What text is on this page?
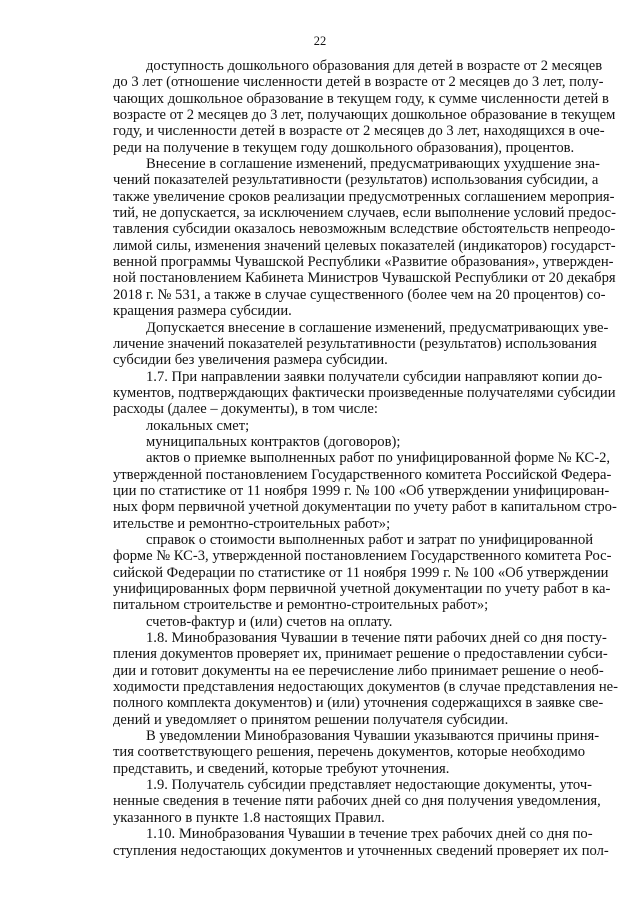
22
доступность дошкольного образования для детей в возрасте от 2 месяцев
до 3 лет (отношение численности детей в возрасте от 2 месяцев до 3 лет, полу-
чающих дошкольное образование в текущем году, к сумме численности детей в
возрасте от 2 месяцев до 3 лет, получающих дошкольное образование в текущем
году, и численности детей в возрасте от 2 месяцев до 3 лет, находящихся в оче-
реди на получение в текущем году дошкольного образования), процентов.
Внесение в соглашение изменений, предусматривающих ухудшение зна-
чений показателей результативности (результатов) использования субсидии, а
также увеличение сроков реализации предусмотренных соглашением мероприя-
тий, не допускается, за исключением случаев, если выполнение условий предос-
тавления субсидии оказалось невозможным вследствие обстоятельств непреодо-
лимой силы, изменения значений целевых показателей (индикаторов) государст-
венной программы Чувашской Республики «Развитие образования», утвержден-
ной постановлением Кабинета Министров Чувашской Республики от 20 декабря
2018 г. № 531, а также в случае существенного (более чем на 20 процентов) со-
кращения размера субсидии.
Допускается внесение в соглашение изменений, предусматривающих уве-
личение значений показателей результативности (результатов) использования
субсидии без увеличения размера субсидии.
1.7. При направлении заявки получатели субсидии направляют копии до-
кументов, подтверждающих фактически произведенные получателями субсидии
расходы (далее – документы), в том числе:
локальных смет;
муниципальных контрактов (договоров);
актов о приемке выполненных работ по унифицированной форме № КС-2,
утвержденной постановлением Государственного комитета Российской Федера-
ции по статистике от 11 ноября 1999 г. № 100 «Об утверждении унифицирован-
ных форм первичной учетной документации по учету работ в капитальном стро-
ительстве и ремонтно-строительных работ»;
справок о стоимости выполненных работ и затрат по унифицированной
форме № КС-3, утвержденной постановлением Государственного комитета Рос-
сийской Федерации по статистике от 11 ноября 1999 г. № 100 «Об утверждении
унифицированных форм первичной учетной документации по учету работ в ка-
питальном строительстве и ремонтно-строительных работ»;
счетов-фактур и (или) счетов на оплату.
1.8. Минобразования Чувашии в течение пяти рабочих дней со дня посту-
пления документов проверяет их, принимает решение о предоставлении субси-
дии и готовит документы на ее перечисление либо принимает решение о необ-
ходимости представления недостающих документов (в случае представления не-
полного комплекта документов) и (или) уточнения содержащихся в заявке све-
дений и уведомляет о принятом решении получателя субсидии.
В уведомлении Минобразования Чувашии указываются причины приня-
тия соответствующего решения, перечень документов, которые необходимо
представить, и сведений, которые требуют уточнения.
1.9. Получатель субсидии представляет недостающие документы, уточ-
ненные сведения в течение пяти рабочих дней со дня получения уведомления,
указанного в пункте 1.8 настоящих Правил.
1.10. Минобразования Чувашии в течение трех рабочих дней со дня по-
ступления недостающих документов и уточненных сведений проверяет их пол-
